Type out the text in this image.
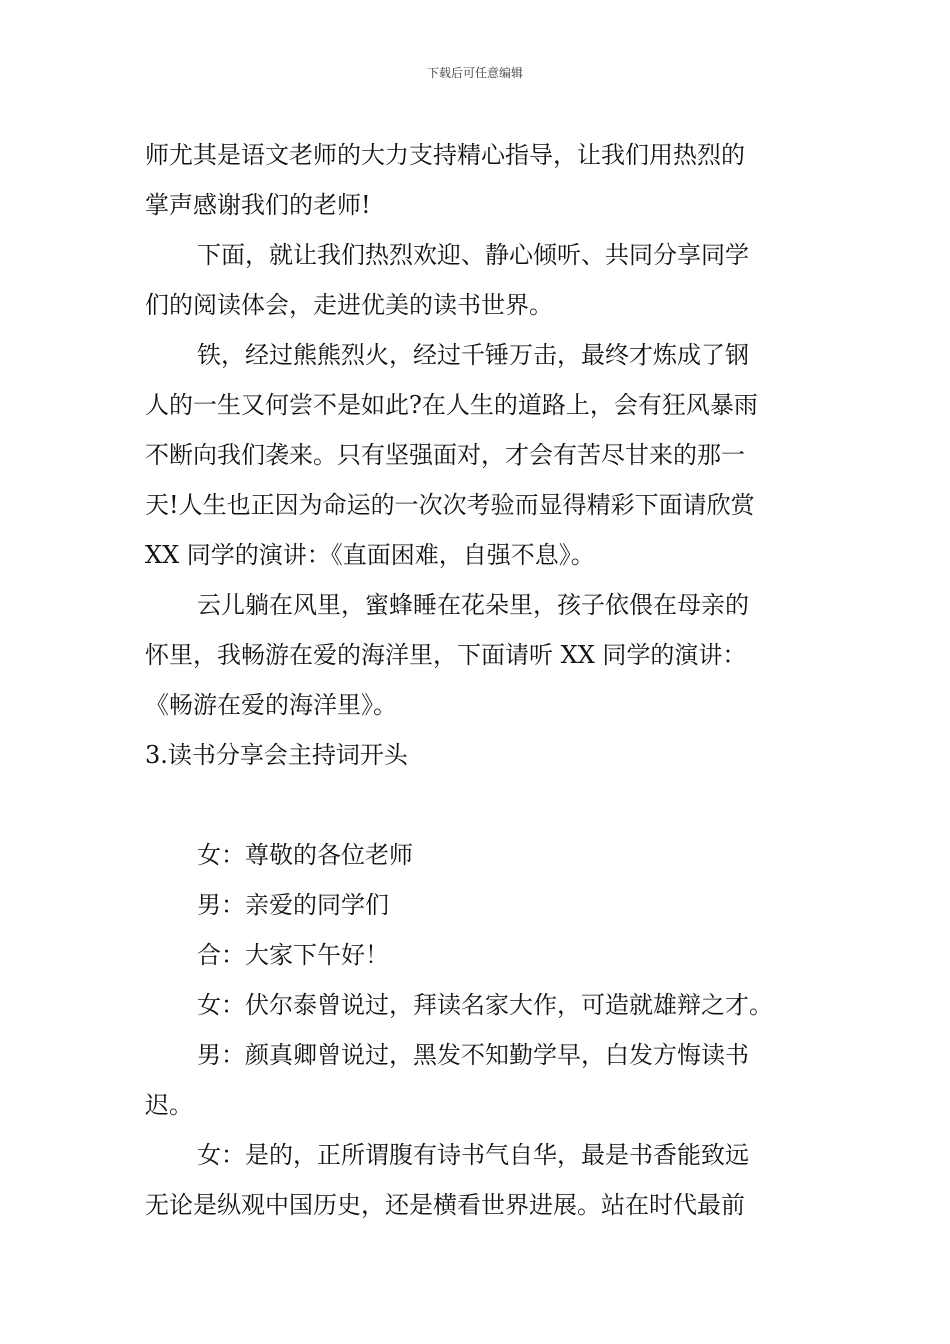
下载后可任意编辑

师尤其是语文老师的大力支持精心指导，让我们用热烈的
掌声感谢我们的老师!

下面，就让我们热烈欢迎、静心倾听、共同分享同学
们的阅读体会，走进优美的读书世界。

铁，经过熊熊烈火，经过千锤万击，最终才炼成了钢
人的一生又何尝不是如此?在人生的道路上，会有狂风暴雨
不断向我们袭来。只有坚强面对，才会有苦尽甘来的那一
天!人生也正因为命运的一次次考验而显得精彩下面请欣赏
XX 同学的演讲：《直面困难，自强不息》。

云儿躺在风里，蜜蜂睡在花朵里，孩子依偎在母亲的
怀里，我畅游在爱的海洋里，下面请听 XX 同学的演讲：
《畅游在爱的海洋里》。

3.读书分享会主持词开头

女：尊敬的各位老师

男：亲爱的同学们

合：大家下午好！

女：伏尔泰曾说过，拜读名家大作，可造就雄辩之才。

男：颜真卿曾说过，黑发不知勤学早，白发方悔读书
迟。

女：是的，正所谓腹有诗书气自华，最是书香能致远
无论是纵观中国历史，还是横看世界进展。站在时代最前
